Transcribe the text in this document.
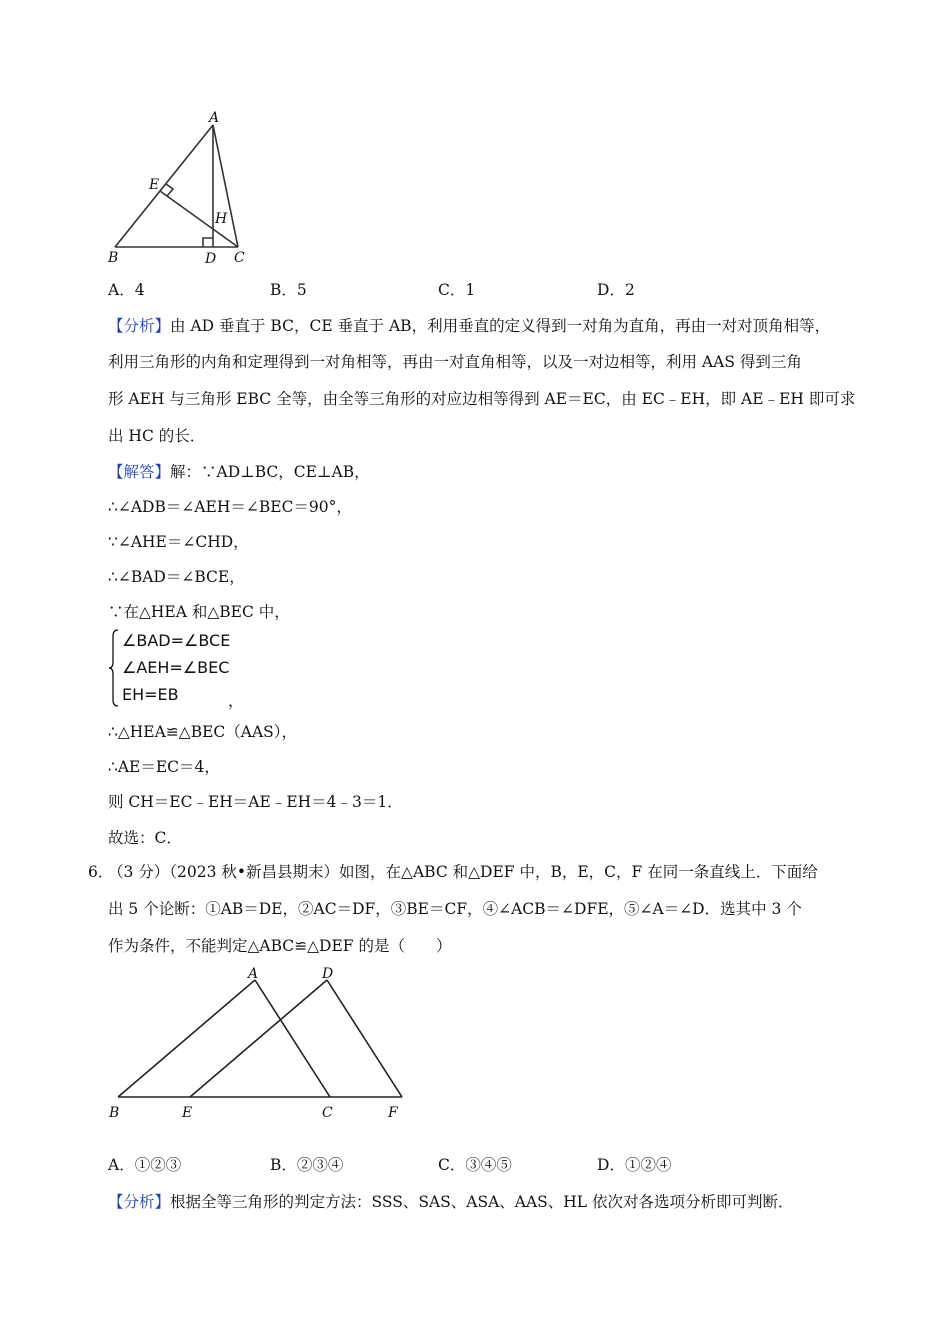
A
B	C
D
E
H
A．4	B．5	C．1	D．2
【分析】由 AD 垂直于 BC，CE 垂直于 AB，利用垂直的定义得到一对角为直角，再由一对对顶角相等，
利用三角形的内角和定理得到一对角相等，再由一对直角相等，以及一对边相等，利用 AAS 得到三角
形 AEH 与三角形 EBC 全等，由全等三角形的对应边相等得到 AE＝EC，由 EC﹣EH，即 AE﹣EH 即可求
出 HC 的长．
【解答】解：∵AD⊥BC，CE⊥AB，
∴∠ADB＝∠AEH＝∠BEC＝90°，
∵∠AHE＝∠CHD，
∴∠BAD＝∠BCE，
∵在△HEA 和△BEC 中，
∠BAD=∠BCE
∠AEH=∠BEC
EH=EB	，
∴△HEA≌△BEC（AAS），
∴AE＝EC＝4，
则 CH＝EC﹣EH＝AE﹣EH＝4﹣3＝1．
故选：C．
6．
（3 分）（2023 秋•新昌县期末）如图，在△ABC 和△DEF 中，B，E，C，F 在同一条直线上．下面给
出 5 个论断：①AB＝DE，②AC＝DF，③BE＝CF，④∠ACB＝∠DFE，⑤∠A＝∠D．选其中 3 个
作为条件，不能判定△ABC≌△DEF 的是（　　）
A	D
B	E	C	F
A．①②③	B．②③④	C．③④⑤	D．①②④
【分析】根据全等三角形的判定方法：SSS、SAS、ASA、AAS、HL 依次对各选项分析即可判断．
